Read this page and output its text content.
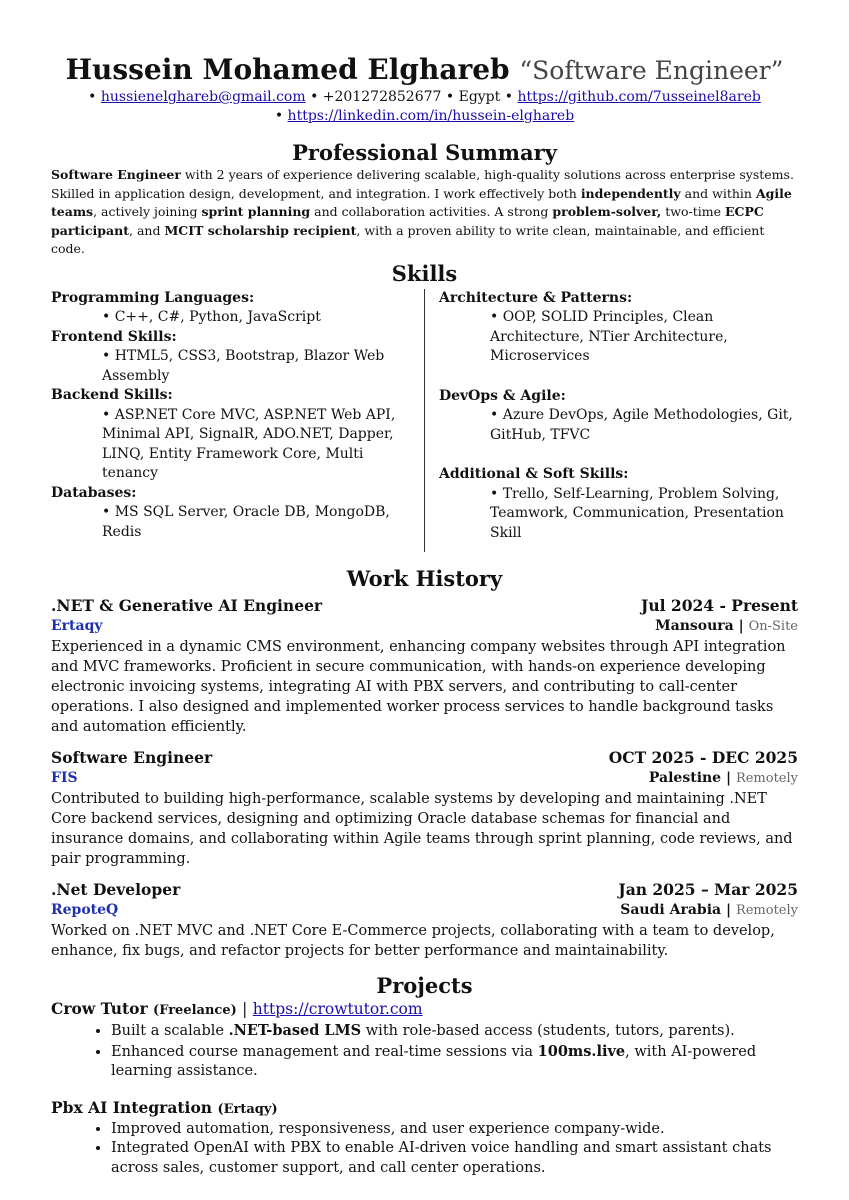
Hussein Mohamed Elghareb “Software Engineer”
• hussienelghareb@gmail.com • +201272852677 • Egypt • https://github.com/7usseinel8areb
• https://linkedin.com/in/hussein-elghareb
Professional Summary

Software Engineer with 2 years of experience delivering scalable, high-quality solutions across enterprise systems. Skilled in application design, development, and integration. I work effectively both independently and within Agile teams, actively joining sprint planning and collaboration activities. A strong problem-solver, two-time ECPC participant, and MCIT scholarship recipient, with a proven ability to write clean, maintainable, and efficient code.

Skills
Programming Languages:
• C++, C#, Python, JavaScript
Frontend Skills:
• HTML5, CSS3, Bootstrap, Blazor Web Assembly
Backend Skills:
• ASP.NET Core MVC, ASP.NET Web API, Minimal API, SignalR, ADO.NET, Dapper, LINQ, Entity Framework Core, Multi tenancy
Databases:
• MS SQL Server, Oracle DB, MongoDB, Redis
Architecture & Patterns:
• OOP, SOLID Principles, Clean Architecture, NTier Architecture, Microservices
DevOps & Agile:
• Azure DevOps, Agile Methodologies, Git, GitHub, TFVC
Additional & Soft Skills:
• Trello, Self-Learning, Problem Solving, Teamwork, Communication, Presentation Skill
Work History
.NET & Generative AI Engineer	Jul 2024 - Present
Ertaqy	Mansoura | On-Site
Experienced in a dynamic CMS environment, enhancing company websites through API integration and MVC frameworks. Proficient in secure communication, with hands-on experience developing electronic invoicing systems, integrating AI with PBX servers, and contributing to call-center operations. I also designed and implemented worker process services to handle background tasks and automation efficiently.
Software Engineer	OCT 2025 - DEC 2025
FIS	Palestine | Remotely
Contributed to building high-performance, scalable systems by developing and maintaining .NET Core backend services, designing and optimizing Oracle database schemas for financial and insurance domains, and collaborating within Agile teams through sprint planning, code reviews, and pair programming.
.Net Developer	Jan 2025 – Mar 2025
RepoteQ	Saudi Arabia | Remotely
Worked on .NET MVC and .NET Core E-Commerce projects, collaborating with a team to develop, enhance, fix bugs, and refactor projects for better performance and maintainability.
Projects
Crow Tutor (Freelance) | https://crowtutor.com
• Built a scalable .NET-based LMS with role-based access (students, tutors, parents).
• Enhanced course management and real-time sessions via 100ms.live, with AI-powered learning assistance.
Pbx AI Integration (Ertaqy)
• Improved automation, responsiveness, and user experience company-wide.
• Integrated OpenAI with PBX to enable AI-driven voice handling and smart assistant chats across sales, customer support, and call center operations.
